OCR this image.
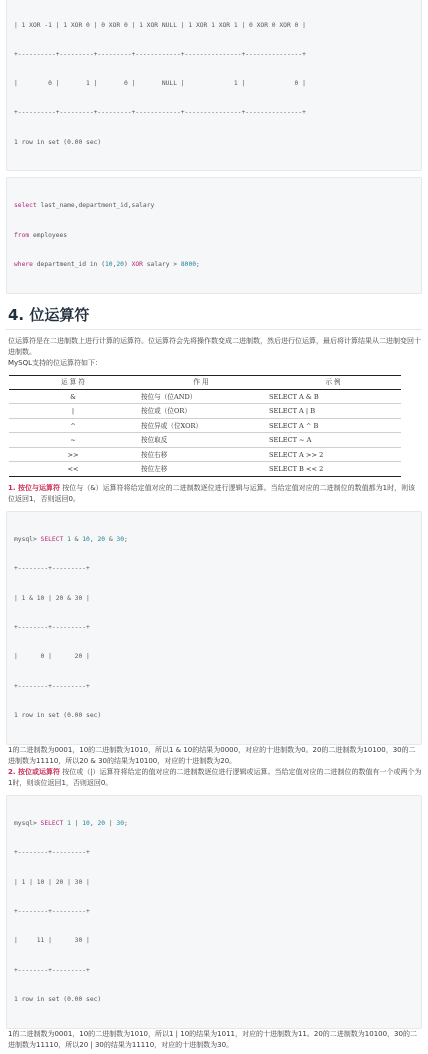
| 1 XOR -1 | 1 XOR 0 | 0 XOR 0 | 1 XOR NULL | 1 XOR 1 XOR 1 | 0 XOR 0 XOR 0 |

+----------+---------+---------+------------+---------------+---------------+

|        0 |       1 |       0 |       NULL |             1 |             0 |

+----------+---------+---------+------------+---------------+---------------+

1 row in set (0.00 sec)

select last_name,department_id,salary

from employees

where department_id in (10,20) XOR salary > 8000;

4. 位运算符

位运算符是在二进制数上进行计算的运算符。位运算符会先将操作数变成二进制数，然后进行位运算，最后将计算结果从二进制变回十进制数。

MySQL支持的位运算符如下：

运 算 符	作 用	示 例
&	按位与（位AND）	SELECT A & B
|	按位或（位OR）	SELECT A | B
^	按位异或（位XOR）	SELECT A ^ B
~	按位取反	SELECT ~ A
>>	按位右移	SELECT A >> 2
<<	按位左移	SELECT B << 2

1. 按位与运算符 按位与（&）运算符将给定值对应的二进制数逐位进行逻辑与运算。当给定值对应的二进制位的数值都为1时，则该位返回1，否则返回0。

mysql> SELECT 1 & 10, 20 & 30;

+--------+---------+

| 1 & 10 | 20 & 30 |

+--------+---------+

|      0 |      20 |

+--------+---------+

1 row in set (0.00 sec)

1的二进制数为0001，10的二进制数为1010，所以1 & 10的结果为0000，对应的十进制数为0。20的二进制数为10100，30的二进制数为11110，所以20 & 30的结果为10100，对应的十进制数为20。

2. 按位或运算符 按位或（|）运算符将给定的值对应的二进制数逐位进行逻辑或运算。当给定值对应的二进制位的数值有一个或两个为1时，则该位返回1，否则返回0。

mysql> SELECT 1 | 10, 20 | 30;

+--------+---------+

| 1 | 10 | 20 | 30 |

+--------+---------+

|     11 |      30 |

+--------+---------+

1 row in set (0.00 sec)

1的二进制数为0001，10的二进制数为1010，所以1 | 10的结果为1011，对应的十进制数为11。20的二进制数为10100，30的二进制数为11110，所以20 | 30的结果为11110，对应的十进制数为30。
